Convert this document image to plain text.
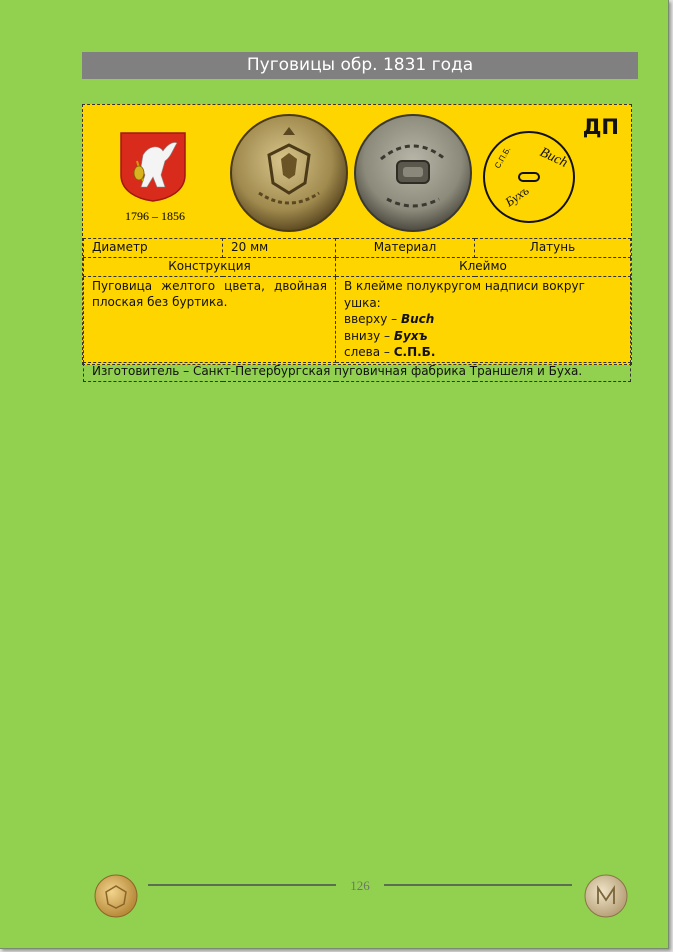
Пуговицы обр. 1831 года
1796 – 1856
Buch
С.П.Б.
Бухъ
ДП
Диаметр	20 мм	Материал	Латунь
Конструкция		Клеймо	
Пуговица желтого цвета, двойная плоская без буртика.		В клейме полукругом надписи вокруг ушка:
вверху – Buch
внизу – Бухъ
слева – С.П.Б.	

Изготовитель – Санкт-Петербургская пуговичная фабрика Траншеля и Буха.			
126
